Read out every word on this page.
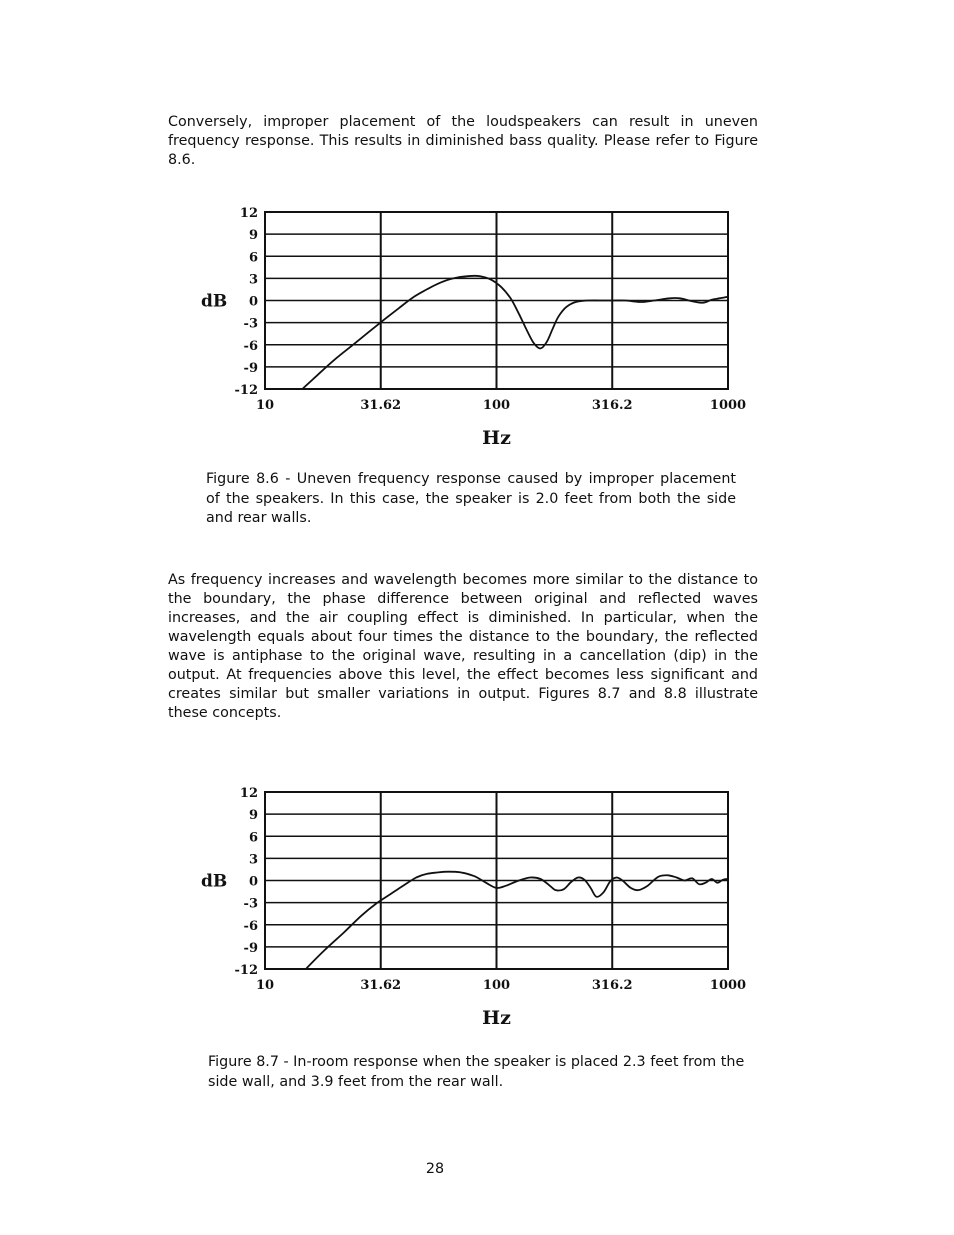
Conversely, improper placement of the loudspeakers can result in uneven frequency response. This results in diminished bass quality. Please refer to Figure 8.6.

12
9
6
3
0
-3
-6
-9
-12
10	31.62	100	316.2	1000
dB
Hz

Figure 8.6 - Uneven frequency response caused by improper placement of the speakers. In this case, the speaker is 2.0 feet from both the side and rear walls.

As frequency increases and wavelength becomes more similar to the distance to the boundary, the phase difference between original and reflected waves increases, and the air coupling effect is diminished. In particular, when the wavelength equals about four times the distance to the boundary, the reflected wave is antiphase to the original wave, resulting in a cancellation (dip) in the output. At frequencies above this level, the effect becomes less significant and creates similar but smaller variations in output. Figures 8.7 and 8.8 illustrate these concepts.

12
9
6
3
0
-3
-6
-9
-12
10	31.62	100	316.2	1000
dB
Hz

Figure 8.7 - In-room response when the speaker is placed 2.3 feet from the side wall, and 3.9 feet from the rear wall.

28
